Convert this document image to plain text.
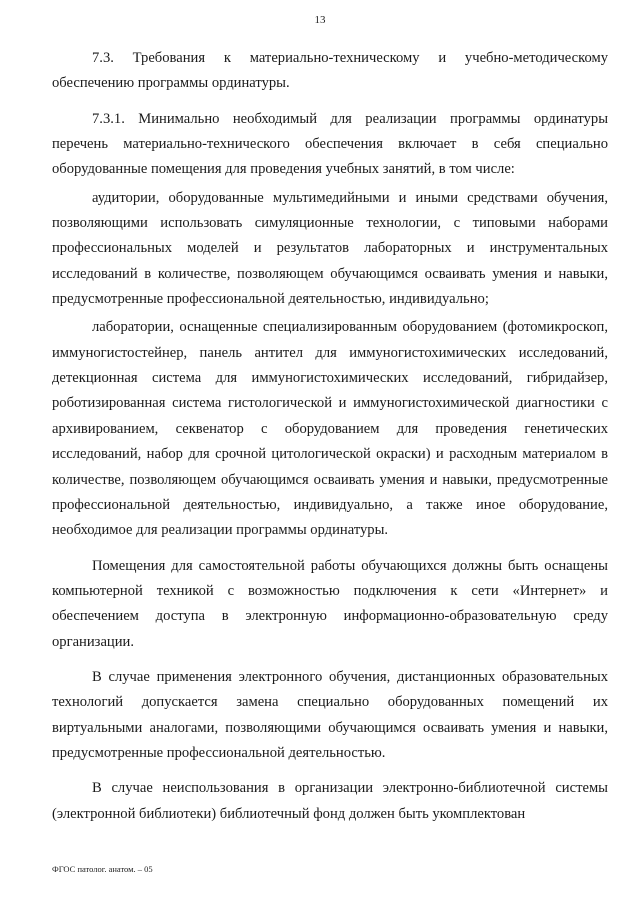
13

7.3. Требования к материально-техническому и учебно-методическому обеспечению программы ординатуры.

7.3.1. Минимально необходимый для реализации программы ординатуры перечень материально-технического обеспечения включает в себя специально оборудованные помещения для проведения учебных занятий, в том числе:

аудитории, оборудованные мультимедийными и иными средствами обучения, позволяющими использовать симуляционные технологии, с типовыми наборами профессиональных моделей и результатов лабораторных и инструментальных исследований в количестве, позволяющем обучающимся осваивать умения и навыки, предусмотренные профессиональной деятельностью, индивидуально;

лаборатории, оснащенные специализированным оборудованием (фотомикроскоп, иммуногистостейнер, панель антител для иммуногистохимических исследований, детекционная система для иммуногистохимических исследований, гибридайзер, роботизированная система гистологической и иммуногистохимической диагностики с архивированием, секвенатор с оборудованием для проведения генетических исследований, набор для срочной цитологической окраски) и расходным материалом в количестве, позволяющем обучающимся осваивать умения и навыки, предусмотренные профессиональной деятельностью, индивидуально, а также иное оборудование, необходимое для реализации программы ординатуры.

Помещения для самостоятельной работы обучающихся должны быть оснащены компьютерной техникой с возможностью подключения к сети «Интернет» и обеспечением доступа в электронную информационно-образовательную среду организации.

В случае применения электронного обучения, дистанционных образовательных технологий допускается замена специально оборудованных помещений их виртуальными аналогами, позволяющими обучающимся осваивать умения и навыки, предусмотренные профессиональной деятельностью.

В случае неиспользования в организации электронно-библиотечной системы (электронной библиотеки) библиотечный фонд должен быть укомплектован

ФГОС патолог. анатом. – 05
